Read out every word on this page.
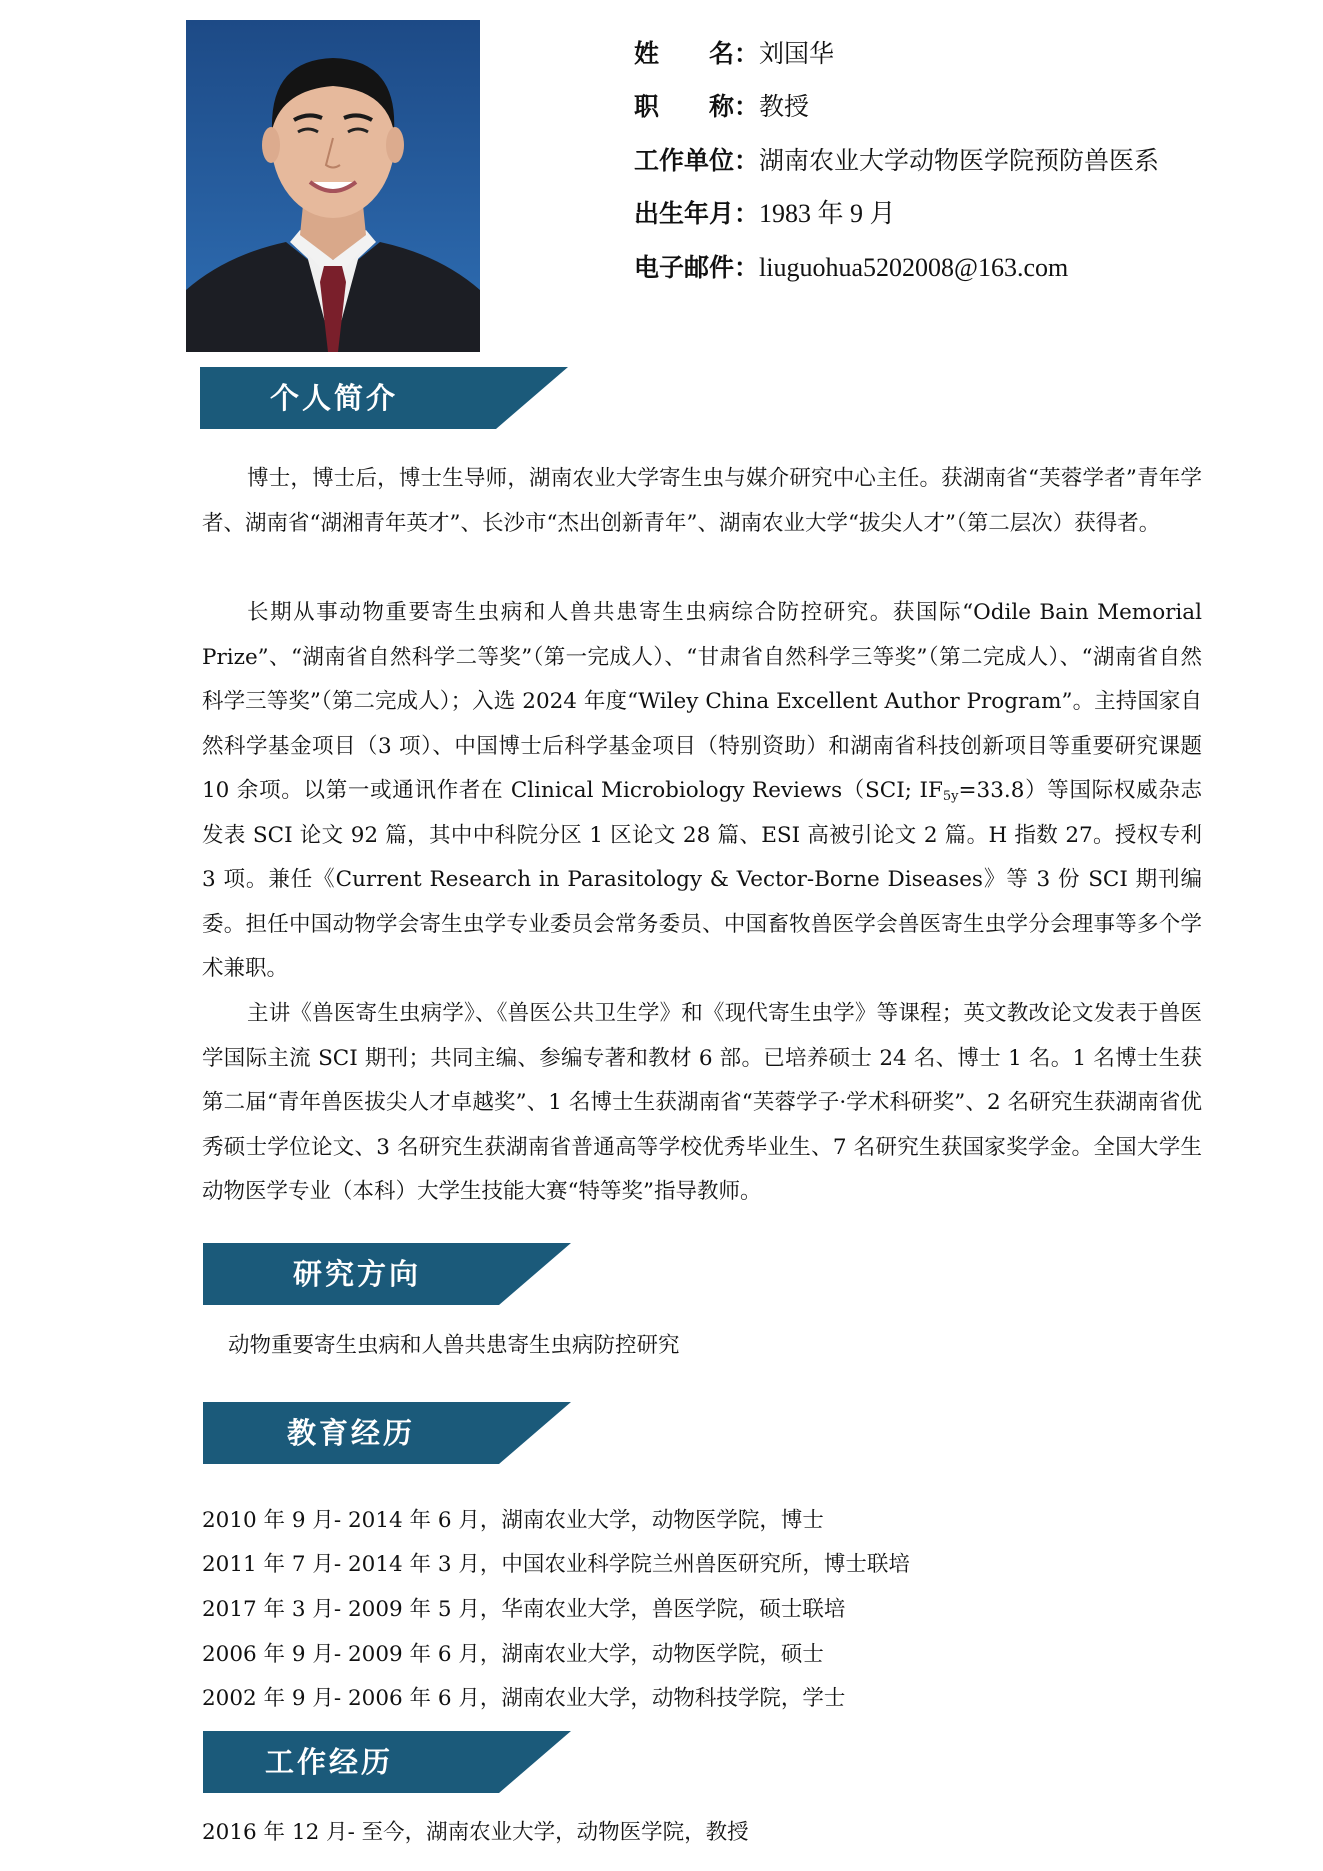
姓 名：刘国华
职 称：教授
工作单位：湖南农业大学动物医学院预防兽医系
出生年月：1983 年 9 月
电子邮件：liuguohua5202008@163.com
个人简介

博士，博士后，博士生导师，湖南农业大学寄生虫与媒介研究中心主任。获湖南省“芙蓉学者”青年学者、湖南省“湖湘青年英才”、长沙市“杰出创新青年”、湖南农业大学“拔尖人才”（第二层次）获得者。

长期从事动物重要寄生虫病和人兽共患寄生虫病综合防控研究。获国际“Odile Bain Memorial Prize”、“湖南省自然科学二等奖”（第一完成人）、“甘肃省自然科学三等奖”（第二完成人）、“湖南省自然科学三等奖”（第二完成人）；入选 2024 年度“Wiley China Excellent Author Program”。主持国家自然科学基金项目（3 项）、中国博士后科学基金项目（特别资助）和湖南省科技创新项目等重要研究课题 10 余项。以第一或通讯作者在 Clinical Microbiology Reviews（SCI; $IF_{5y}=33.8$）等国际权威杂志发表 SCI 论文 92 篇，其中中科院分区 1 区论文 28 篇、ESI 高被引论文 2 篇。H 指数 27。授权专利 3 项。兼任《Current Research in Parasitology & Vector-Borne Diseases》等 3 份 SCI 期刊编委。担任中国动物学会寄生虫学专业委员会常务委员、中国畜牧兽医学会兽医寄生虫学分会理事等多个学术兼职。

主讲《兽医寄生虫病学》、《兽医公共卫生学》和《现代寄生虫学》等课程；英文教改论文发表于兽医学国际主流 SCI 期刊；共同主编、参编专著和教材 6 部。已培养硕士 24 名、博士 1 名。1 名博士生获第二届“青年兽医拔尖人才卓越奖”、1 名博士生获湖南省“芙蓉学子·学术科研奖”、2 名研究生获湖南省优秀硕士学位论文、3 名研究生获湖南省普通高等学校优秀毕业生、7 名研究生获国家奖学金。全国大学生动物医学专业（本科）大学生技能大赛“特等奖”指导教师。

研究方向
动物重要寄生虫病和人兽共患寄生虫病防控研究
教育经历
2010 年 9 月- 2014 年 6 月，湖南农业大学，动物医学院，博士
2011 年 7 月- 2014 年 3 月，中国农业科学院兰州兽医研究所，博士联培
2017 年 3 月- 2009 年 5 月，华南农业大学，兽医学院，硕士联培
2006 年 9 月- 2009 年 6 月，湖南农业大学，动物医学院，硕士
2002 年 9 月- 2006 年 6 月，湖南农业大学，动物科技学院，学士
工作经历
2016 年 12 月- 至今，湖南农业大学，动物医学院，教授
